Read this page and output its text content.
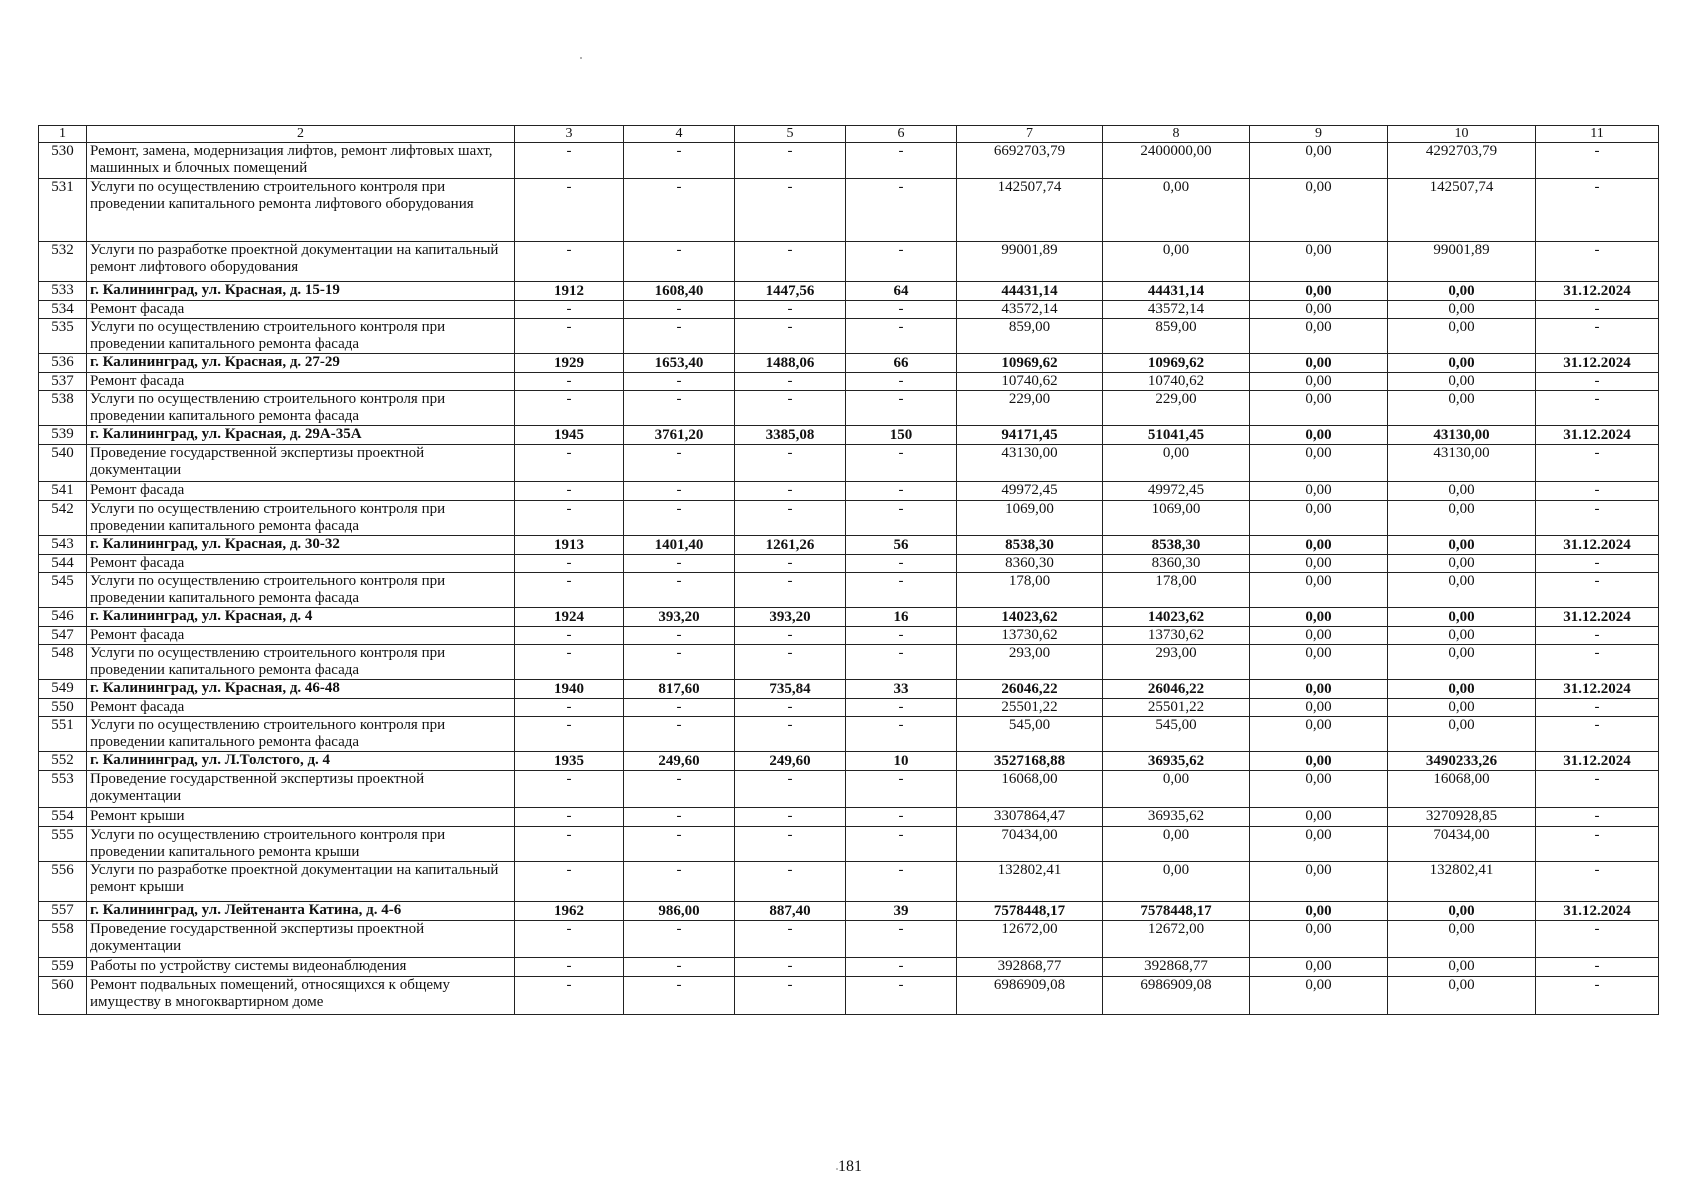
1	2	3	4	5	6	7	8	9	10	11
530	Ремонт, замена, модернизация лифтов, ремонт лифтовых шахт, машинных и блочных помещений	-	-	-	-	6692703,79	2400000,00	0,00	4292703,79	-
531	Услуги по осуществлению строительного контроля при проведении капитального ремонта лифтового оборудования	-	-	-	-	142507,74	0,00	0,00	142507,74	-
532	Услуги по разработке проектной документации на капитальный ремонт лифтового оборудования	-	-	-	-	99001,89	0,00	0,00	99001,89	-
533	г. Калининград, ул. Красная, д. 15-19	1912	1608,40	1447,56	64	44431,14	44431,14	0,00	0,00	31.12.2024
534	Ремонт фасада	-	-	-	-	43572,14	43572,14	0,00	0,00	-
535	Услуги по осуществлению строительного контроля при проведении капитального ремонта фасада	-	-	-	-	859,00	859,00	0,00	0,00	-
536	г. Калининград, ул. Красная, д. 27-29	1929	1653,40	1488,06	66	10969,62	10969,62	0,00	0,00	31.12.2024
537	Ремонт фасада	-	-	-	-	10740,62	10740,62	0,00	0,00	-
538	Услуги по осуществлению строительного контроля при проведении капитального ремонта фасада	-	-	-	-	229,00	229,00	0,00	0,00	-
539	г. Калининград, ул. Красная, д. 29А-35А	1945	3761,20	3385,08	150	94171,45	51041,45	0,00	43130,00	31.12.2024
540	Проведение государственной экспертизы проектной документации	-	-	-	-	43130,00	0,00	0,00	43130,00	-
541	Ремонт фасада	-	-	-	-	49972,45	49972,45	0,00	0,00	-
542	Услуги по осуществлению строительного контроля при проведении капитального ремонта фасада	-	-	-	-	1069,00	1069,00	0,00	0,00	-
543	г. Калининград, ул. Красная, д. 30-32	1913	1401,40	1261,26	56	8538,30	8538,30	0,00	0,00	31.12.2024
544	Ремонт фасада	-	-	-	-	8360,30	8360,30	0,00	0,00	-
545	Услуги по осуществлению строительного контроля при проведении капитального ремонта фасада	-	-	-	-	178,00	178,00	0,00	0,00	-
546	г. Калининград, ул. Красная, д. 4	1924	393,20	393,20	16	14023,62	14023,62	0,00	0,00	31.12.2024
547	Ремонт фасада	-	-	-	-	13730,62	13730,62	0,00	0,00	-
548	Услуги по осуществлению строительного контроля при проведении капитального ремонта фасада	-	-	-	-	293,00	293,00	0,00	0,00	-
549	г. Калининград, ул. Красная, д. 46-48	1940	817,60	735,84	33	26046,22	26046,22	0,00	0,00	31.12.2024
550	Ремонт фасада	-	-	-	-	25501,22	25501,22	0,00	0,00	-
551	Услуги по осуществлению строительного контроля при проведении капитального ремонта фасада	-	-	-	-	545,00	545,00	0,00	0,00	-
552	г. Калининград, ул. Л.Толстого, д. 4	1935	249,60	249,60	10	3527168,88	36935,62	0,00	3490233,26	31.12.2024
553	Проведение государственной экспертизы проектной документации	-	-	-	-	16068,00	0,00	0,00	16068,00	-
554	Ремонт крыши	-	-	-	-	3307864,47	36935,62	0,00	3270928,85	-
555	Услуги по осуществлению строительного контроля при проведении капитального ремонта крыши	-	-	-	-	70434,00	0,00	0,00	70434,00	-
556	Услуги по разработке проектной документации на капитальный ремонт крыши	-	-	-	-	132802,41	0,00	0,00	132802,41	-
557	г. Калининград, ул. Лейтенанта Катина, д. 4-6	1962	986,00	887,40	39	7578448,17	7578448,17	0,00	0,00	31.12.2024
558	Проведение государственной экспертизы проектной документации	-	-	-	-	12672,00	12672,00	0,00	0,00	-
559	Работы по устройству системы видеонаблюдения	-	-	-	-	392868,77	392868,77	0,00	0,00	-
560	Ремонт подвальных помещений, относящихся к общему имуществу в многоквартирном доме	-	-	-	-	6986909,08	6986909,08	0,00	0,00	-
181
